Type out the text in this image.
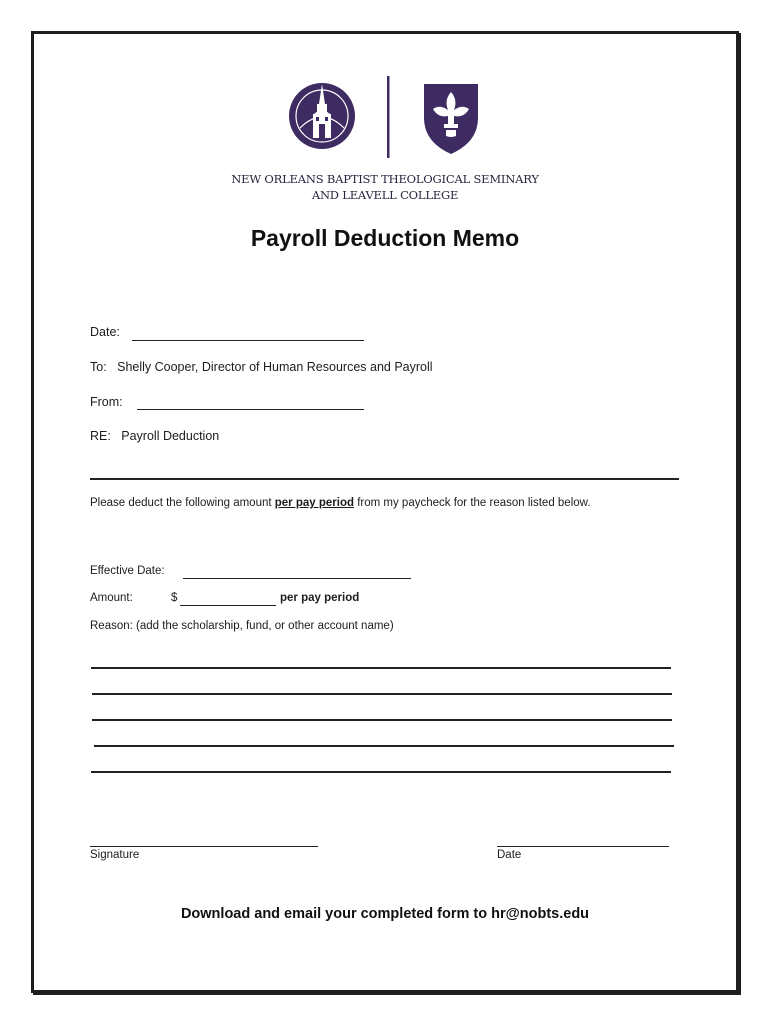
NEW ORLEANS BAPTIST THEOLOGICAL SEMINARY
AND LEAVELL COLLEGE
Payroll Deduction Memo
Date:
To: Shelly Cooper, Director of Human Resources and Payroll
From:
RE: Payroll Deduction
Please deduct the following amount per pay period from my paycheck for the reason listed below.
Effective Date:
Amount:	$	per pay period
Reason: (add the scholarship, fund, or other account name)
Signature	Date
Download and email your completed form to hr@nobts.edu
